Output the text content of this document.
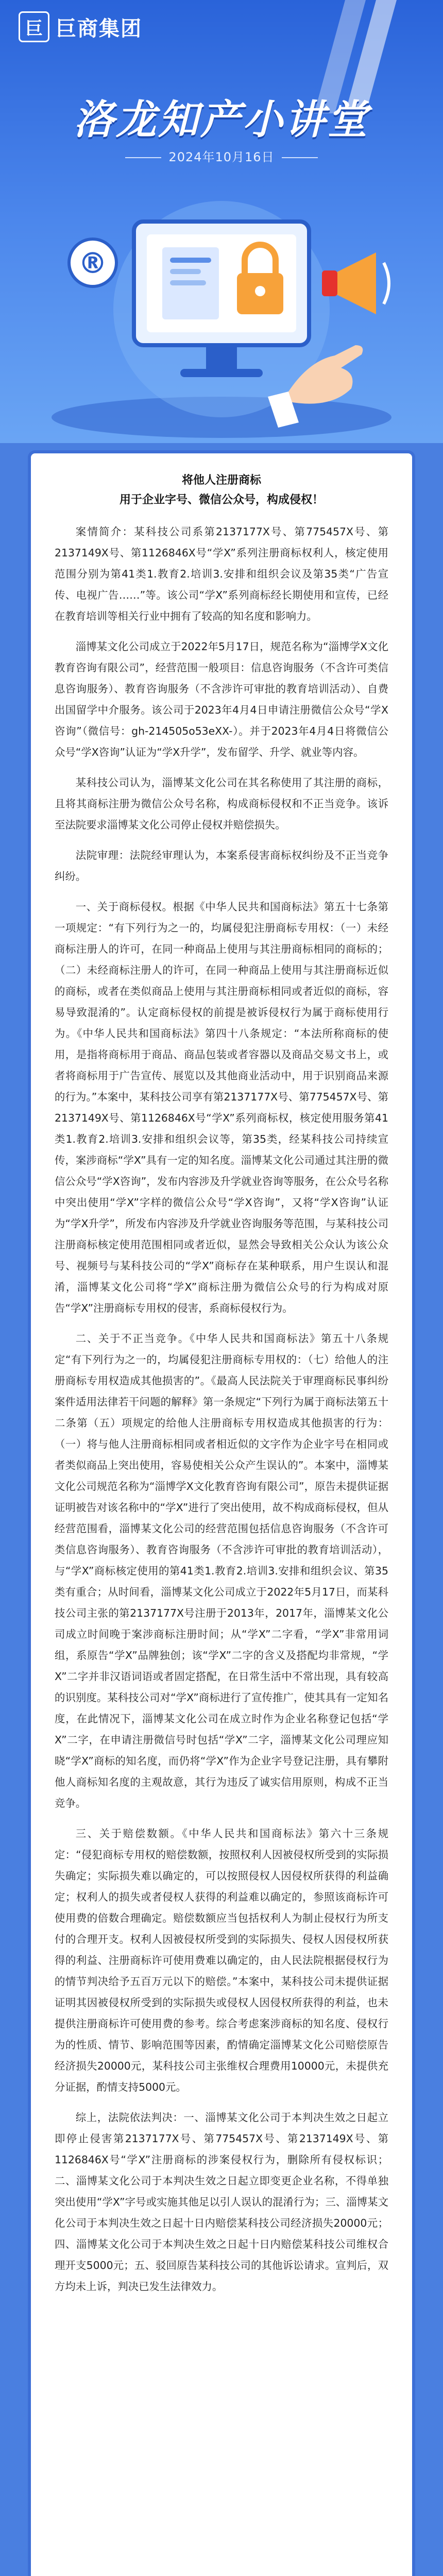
巨 巨商集团
洛龙知产小讲堂
2024年10月16日
®
将他人注册商标
用于企业字号、微信公众号，构成侵权！

案情简介：某科技公司系第2137177X号、第775457X号、第2137149X号、第1126846X号“学X”系列注册商标权利人，核定使用范围分别为第41类1.教育2.培训3.安排和组织会议及第35类“广告宣传、电视广告……”等。该公司“学X”系列商标经长期使用和宣传，已经在教育培训等相关行业中拥有了较高的知名度和影响力。

淄博某文化公司成立于2022年5月17日，规范名称为“淄博学X文化教育咨询有限公司”，经营范围一般项目：信息咨询服务（不含许可类信息咨询服务）、教育咨询服务（不含涉许可审批的教育培训活动）、自费出国留学中介服务。该公司于2023年4月4日申请注册微信公众号“学X咨询”（微信号：gh-214505o53eXX-）。并于2023年4月4日将微信公众号“学X咨询”认证为“学X升学”，发布留学、升学、就业等内容。

某科技公司认为，淄博某文化公司在其名称使用了其注册的商标，且将其商标注册为微信公众号名称，构成商标侵权和不正当竞争。该诉至法院要求淄博某文化公司停止侵权并赔偿损失。

法院审理：法院经审理认为，本案系侵害商标权纠纷及不正当竞争纠纷。

一、关于商标侵权。根据《中华人民共和国商标法》第五十七条第一项规定：“有下列行为之一的，均属侵犯注册商标专用权：（一）未经商标注册人的许可，在同一种商品上使用与其注册商标相同的商标的；（二）未经商标注册人的许可，在同一种商品上使用与其注册商标近似的商标，或者在类似商品上使用与其注册商标相同或者近似的商标，容易导致混淆的”。认定商标侵权的前提是被诉侵权行为属于商标使用行为。《中华人民共和国商标法》第四十八条规定：“本法所称商标的使用，是指将商标用于商品、商品包装或者容器以及商品交易文书上，或者将商标用于广告宣传、展览以及其他商业活动中，用于识别商品来源的行为。”本案中，某科技公司享有第2137177X号、第775457X号、第2137149X号、第1126846X号“学X”系列商标权，核定使用服务第41类1.教育2.培训3.安排和组织会议等，第35类，经某科技公司持续宣传，案涉商标“学X”具有一定的知名度。淄博某文化公司通过其注册的微信公众号“学X咨询”，发布内容涉及升学就业咨询等服务，在公众号名称中突出使用“学X”字样的微信公众号“学X咨询”，又将“学X咨询”认证为“学X升学”，所发布内容涉及升学就业咨询服务等范围，与某科技公司注册商标核定使用范围相同或者近似，显然会导致相关公众认为该公众号、视频号与某科技公司的“学X”商标存在某种联系，用户生误认和混淆，淄博某文化公司将“学X”商标注册为微信公众号的行为构成对原告“学X”注册商标专用权的侵害，系商标侵权行为。

二、关于不正当竞争。《中华人民共和国商标法》第五十八条规定“有下列行为之一的，均属侵犯注册商标专用权的：（七）给他人的注册商标专用权造成其他损害的”。《最高人民法院关于审理商标民事纠纷案件适用法律若干问题的解释》第一条规定“下列行为属于商标法第五十二条第（五）项规定的给他人注册商标专用权造成其他损害的行为：（一）将与他人注册商标相同或者相近似的文字作为企业字号在相同或者类似商品上突出使用，容易使相关公众产生误认的”。本案中，淄博某文化公司规范名称为“淄博学X文化教育咨询有限公司”，原告未提供证据证明被告对该名称中的“学X”进行了突出使用，故不构成商标侵权，但从经营范围看，淄博某文化公司的经营范围包括信息咨询服务（不含许可类信息咨询服务）、教育咨询服务（不含涉许可审批的教育培训活动），与“学X”商标核定使用的第41类1.教育2.培训3.安排和组织会议、第35类有重合；从时间看，淄博某文化公司成立于2022年5月17日，而某科技公司主张的第2137177X号注册于2013年，2017年，淄博某文化公司成立时间晚于案涉商标注册时间；从“学X”二字看，“学X”非常用词组，系原告“学X”品牌独创；该“学X”二字的含义及搭配均非常规，“学X”二字并非汉语词语或者固定搭配，在日常生活中不常出现，具有较高的识别度。某科技公司对“学X”商标进行了宣传推广，使其具有一定知名度，在此情况下，淄博某文化公司在成立时作为企业名称登记包括“学X”二字，在申请注册微信号时包括“学X”二字，淄博某文化公司理应知晓“学X”商标的知名度，而仍将“学X”作为企业字号登记注册，具有攀附他人商标知名度的主观故意，其行为违反了诚实信用原则，构成不正当竞争。

三、关于赔偿数额。《中华人民共和国商标法》第六十三条规定：“侵犯商标专用权的赔偿数额，按照权利人因被侵权所受到的实际损失确定；实际损失难以确定的，可以按照侵权人因侵权所获得的利益确定；权利人的损失或者侵权人获得的利益难以确定的，参照该商标许可使用费的倍数合理确定。赔偿数额应当包括权利人为制止侵权行为所支付的合理开支。权利人因被侵权所受到的实际损失、侵权人因侵权所获得的利益、注册商标许可使用费难以确定的，由人民法院根据侵权行为的情节判决给予五百万元以下的赔偿。”本案中，某科技公司未提供证据证明其因被侵权所受到的实际损失或侵权人因侵权所获得的利益，也未提供注册商标许可使用费的参考。综合考虑案涉商标的知名度、侵权行为的性质、情节、影响范围等因素，酌情确定淄博某文化公司赔偿原告经济损失20000元，某科技公司主张维权合理费用10000元，未提供充分证据，酌情支持5000元。

综上，法院依法判决：一、淄博某文化公司于本判决生效之日起立即停止侵害第2137177X号、第775457X号、第2137149X号、第1126846X号“学X”注册商标的涉案侵权行为，删除所有侵权标识；二、淄博某文化公司于本判决生效之日起立即变更企业名称，不得单独突出使用“学X”字号或实施其他足以引人误认的混淆行为；三、淄博某文化公司于本判决生效之日起十日内赔偿某科技公司经济损失20000元；四、淄博某文化公司于本判决生效之日起十日内赔偿某科技公司维权合理开支5000元；五、驳回原告某科技公司的其他诉讼请求。宣判后，双方均未上诉，判决已发生法律效力。
